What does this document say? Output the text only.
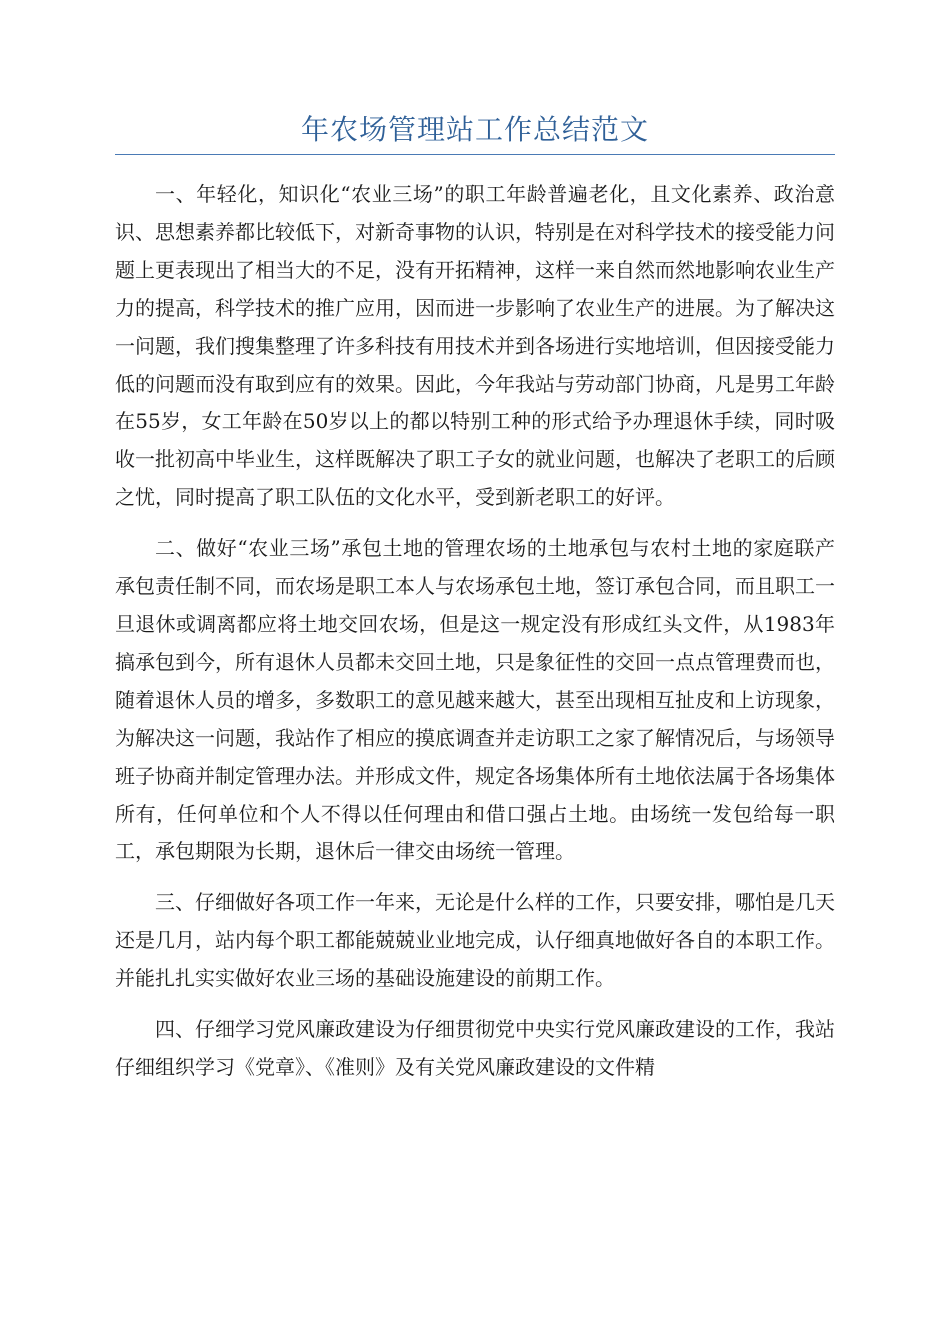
年农场管理站工作总结范文

一、年轻化，知识化“农业三场”的职工年龄普遍老化，且文化素养、政治意识、思想素养都比较低下，对新奇事物的认识，特别是在对科学技术的接受能力问题上更表现出了相当大的不足，没有开拓精神，这样一来自然而然地影响农业生产力的提高，科学技术的推广应用，因而进一步影响了农业生产的进展。为了解决这一问题，我们搜集整理了许多科技有用技术并到各场进行实地培训，但因接受能力低的问题而没有取到应有的效果。因此，今年我站与劳动部门协商，凡是男工年龄在55岁，女工年龄在50岁以上的都以特别工种的形式给予办理退休手续，同时吸收一批初高中毕业生，这样既解决了职工子女的就业问题，也解决了老职工的后顾之忧，同时提高了职工队伍的文化水平，受到新老职工的好评。

二、做好“农业三场”承包土地的管理农场的土地承包与农村土地的家庭联产承包责任制不同，而农场是职工本人与农场承包土地，签订承包合同，而且职工一旦退休或调离都应将土地交回农场，但是这一规定没有形成红头文件，从1983年搞承包到今，所有退休人员都未交回土地，只是象征性的交回一点点管理费而也，随着退休人员的增多，多数职工的意见越来越大，甚至出现相互扯皮和上访现象，为解决这一问题，我站作了相应的摸底调查并走访职工之家了解情况后，与场领导班子协商并制定管理办法。并形成文件，规定各场集体所有土地依法属于各场集体所有，任何单位和个人不得以任何理由和借口强占土地。由场统一发包给每一职工，承包期限为长期，退休后一律交由场统一管理。

三、仔细做好各项工作一年来，无论是什么样的工作，只要安排，哪怕是几天还是几月，站内每个职工都能兢兢业业地完成，认仔细真地做好各自的本职工作。并能扎扎实实做好农业三场的基础设施建设的前期工作。

四、仔细学习党风廉政建设为仔细贯彻党中央实行党风廉政建设的工作，我站仔细组织学习《党章》、《准则》及有关党风廉政建设的文件精
